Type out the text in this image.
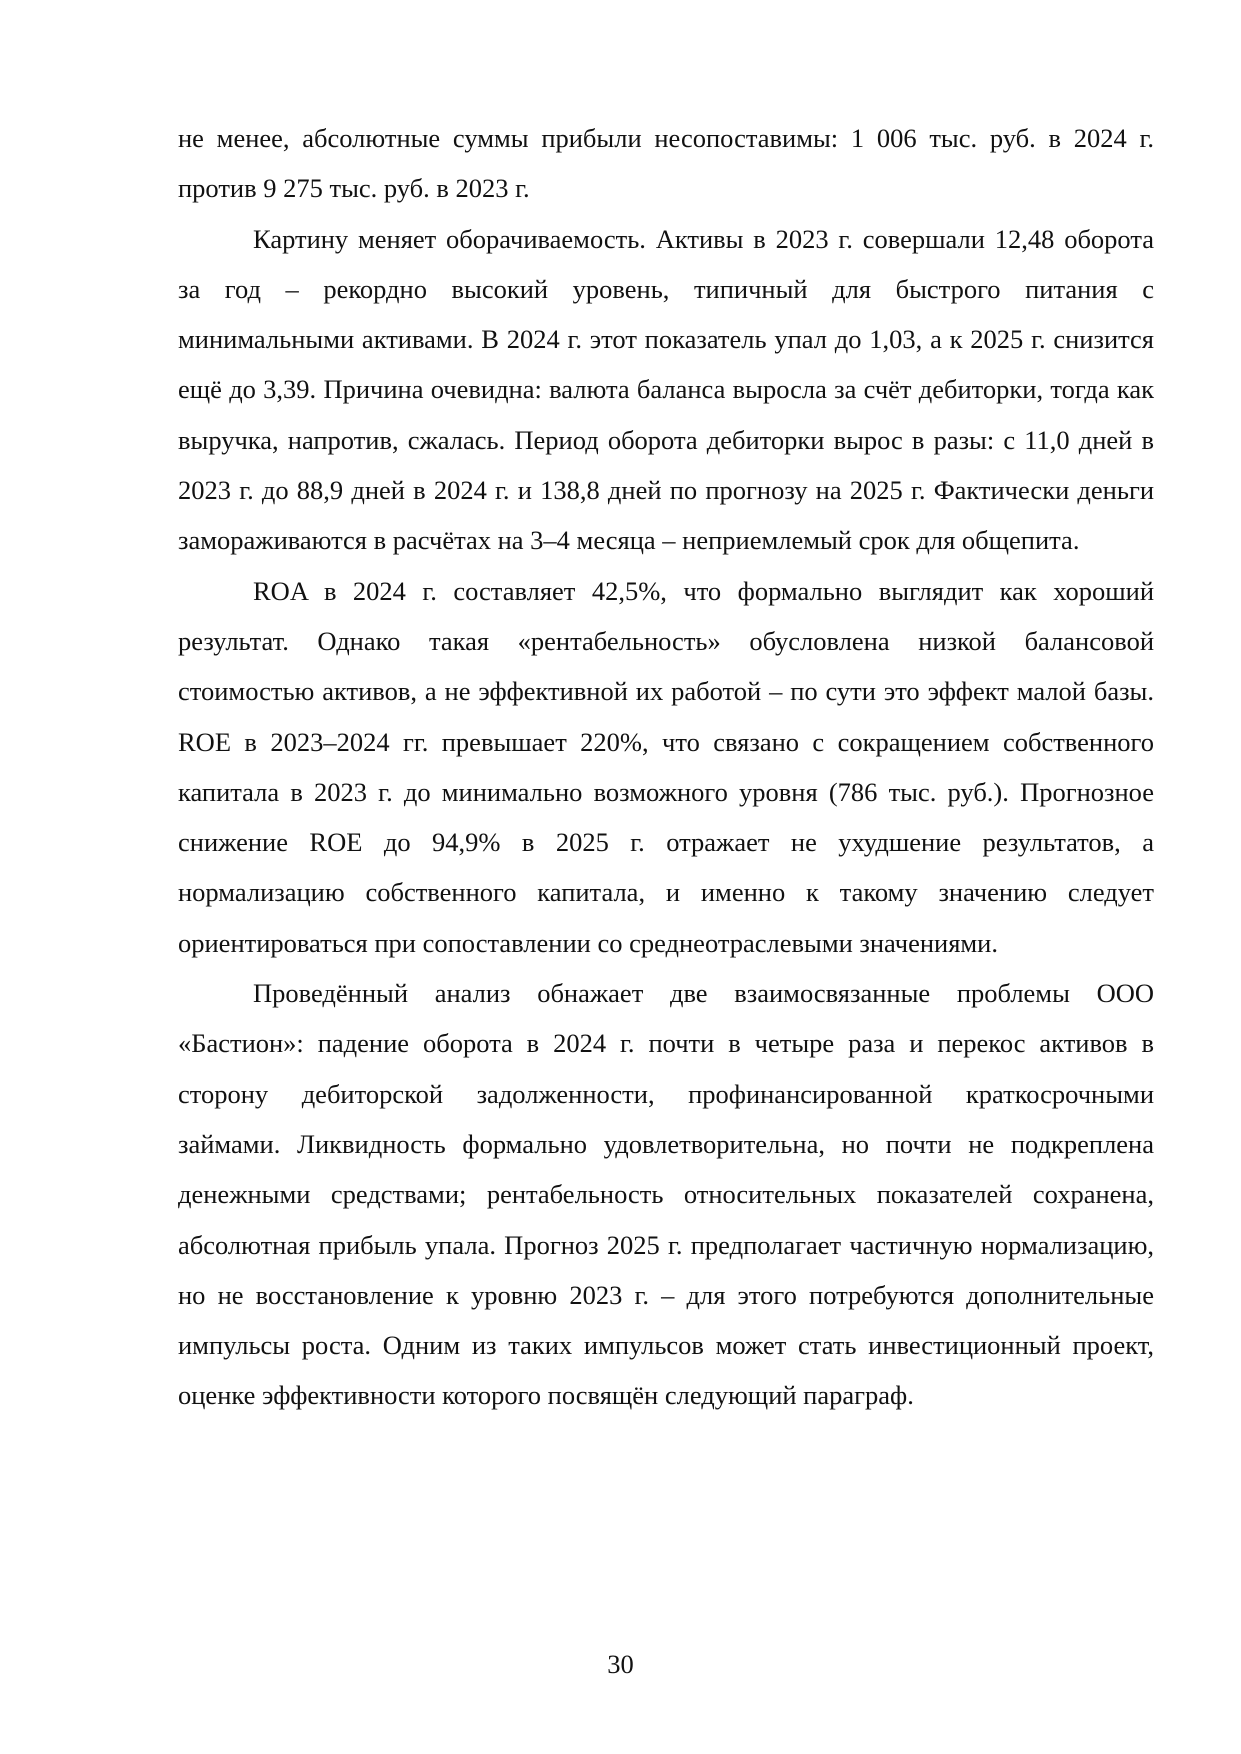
не менее, абсолютные суммы прибыли несопоставимы: 1 006 тыс. руб. в 2024 г. против 9 275 тыс. руб. в 2023 г.

Картину меняет оборачиваемость. Активы в 2023 г. совершали 12,48 оборота за год – рекордно высокий уровень, типичный для быстрого питания с минимальными активами. В 2024 г. этот показатель упал до 1,03, а к 2025 г. снизится ещё до 3,39. Причина очевидна: валюта баланса выросла за счёт дебиторки, тогда как выручка, напротив, сжалась. Период оборота дебиторки вырос в разы: с 11,0 дней в 2023 г. до 88,9 дней в 2024 г. и 138,8 дней по прогнозу на 2025 г. Фактически деньги замораживаются в расчётах на 3–4 месяца – неприемлемый срок для общепита.

ROA в 2024 г. составляет 42,5%, что формально выглядит как хороший результат. Однако такая «рентабельность» обусловлена низкой балансовой стоимостью активов, а не эффективной их работой – по сути это эффект малой базы. ROE в 2023–2024 гг. превышает 220%, что связано с сокращением собственного капитала в 2023 г. до минимально возможного уровня (786 тыс. руб.). Прогнозное снижение ROE до 94,9% в 2025 г. отражает не ухудшение результатов, а нормализацию собственного капитала, и именно к такому значению следует ориентироваться при сопоставлении со среднеотраслевыми значениями.

Проведённый анализ обнажает две взаимосвязанные проблемы ООО «Бастион»: падение оборота в 2024 г. почти в четыре раза и перекос активов в сторону дебиторской задолженности, профинансированной краткосрочными займами. Ликвидность формально удовлетворительна, но почти не подкреплена денежными средствами; рентабельность относительных показателей сохранена, абсолютная прибыль упала. Прогноз 2025 г. предполагает частичную нормализацию, но не восстановление к уровню 2023 г. – для этого потребуются дополнительные импульсы роста. Одним из таких импульсов может стать инвестиционный проект, оценке эффективности которого посвящён следующий параграф.

30
